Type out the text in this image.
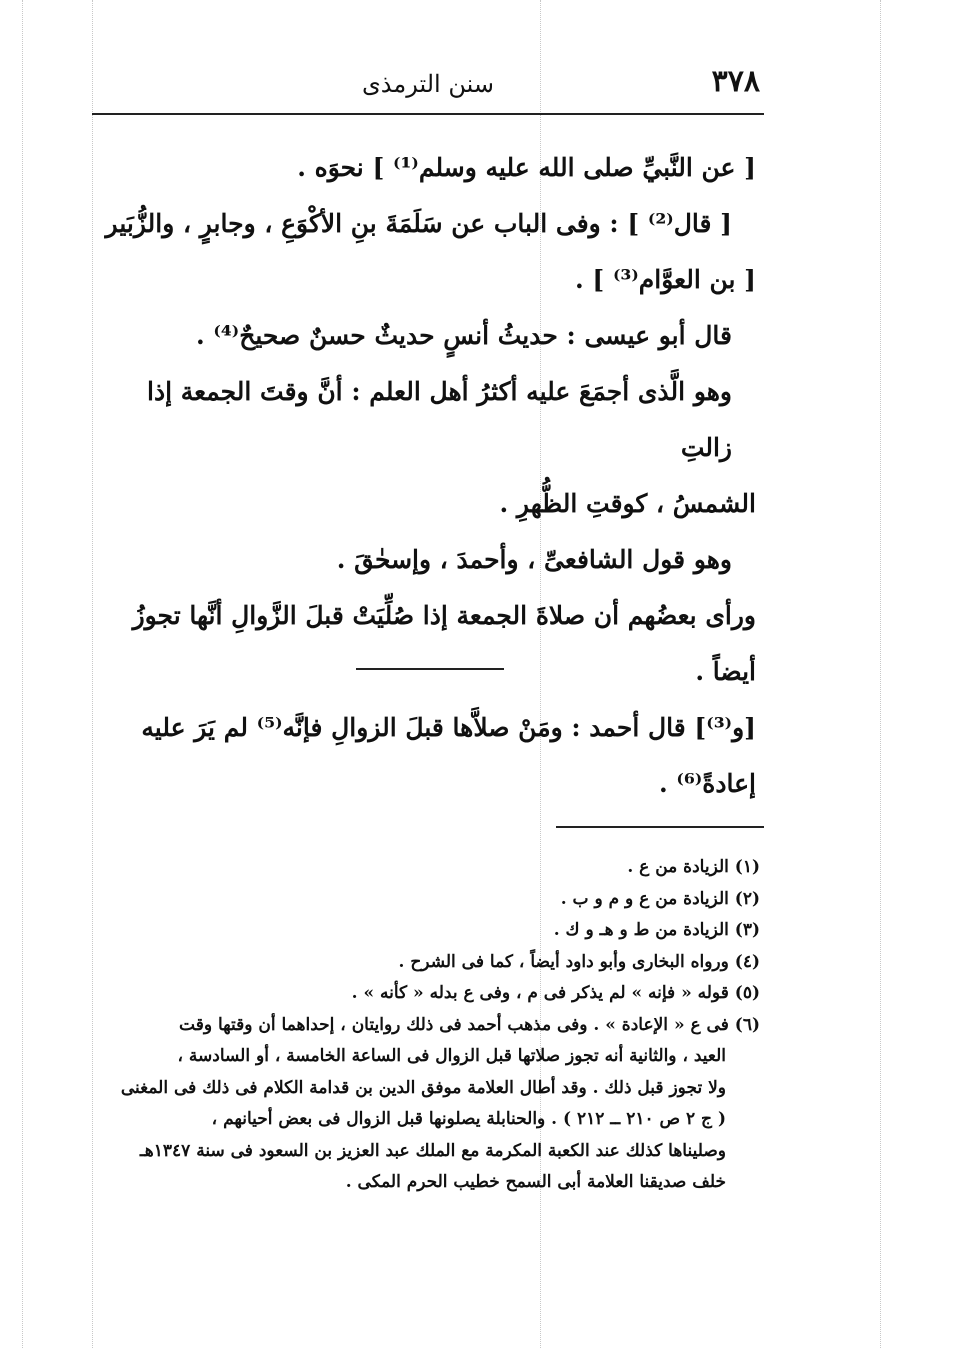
٣٧٨
سنن الترمذى

[ عن النَّبيِّ صلى الله عليه وسلم⁽¹⁾ ] نحوَه .

[ قال⁽²⁾ ] : وفى الباب عن سَلَمَةَ بنِ الأكْوَعِ ، وجابرٍ ، والزُّبَير

[ بن العوَّام⁽³⁾ ] .

قال أبو عيسى : حديثُ أنسٍ حديثٌ حسنٌ صحيحٌ⁽⁴⁾ .

وهو الَّذى أجمَعَ عليه أكثرُ أهل العلم : أنَّ وقتَ الجمعة إذا زالتِ

الشمسُ ، كوقتِ الظُّهرِ .

وهو قول الشافعىِّ ، وأحمدَ ، وإسحٰقَ .

ورأى بعضُهم أن صلاةَ الجمعة إذا صُلِّيَتْ قبلَ الزَّوالِ أنَّها تجوزُ أيضاً .

[و⁽³⁾] قال أحمد : ومَنْ صلاَّها قبلَ الزوالِ فإنَّه⁽⁵⁾ لم يَرَ عليه إعادةً⁽⁶⁾ .

(١) الزيادة من ع .

(٢) الزيادة من ع و م و ب .

(٣) الزيادة من ط و هـ و ك .

(٤) ورواه البخارى وأبو داود أيضاً ، كما فى الشرح .

(٥) قوله « فإنه » لم يذكر فى م ، وفى ع بدله « كأنه » .

(٦) فى ع « الإعادة » . وفى مذهب أحمد فى ذلك روايتان ، إحداهما أن وقتها وقت

العيد ، والثانية أنه تجوز صلاتها قبل الزوال فى الساعة الخامسة ، أو السادسة ،

ولا تجوز قبل ذلك . وقد أطال العلامة موفق الدين بن قدامة الكلام فى ذلك فى المغنى

( ج ٢ ص ٢١٠ ــ ٢١٢ ) . والحنابلة يصلونها قبل الزوال فى بعض أحيانهم ،

وصليناها كذلك عند الكعبة المكرمة مع الملك عبد العزيز بن السعود فى سنة ١٣٤٧هـ

خلف صديقنا العلامة أبى السمح خطيب الحرم المكى .
